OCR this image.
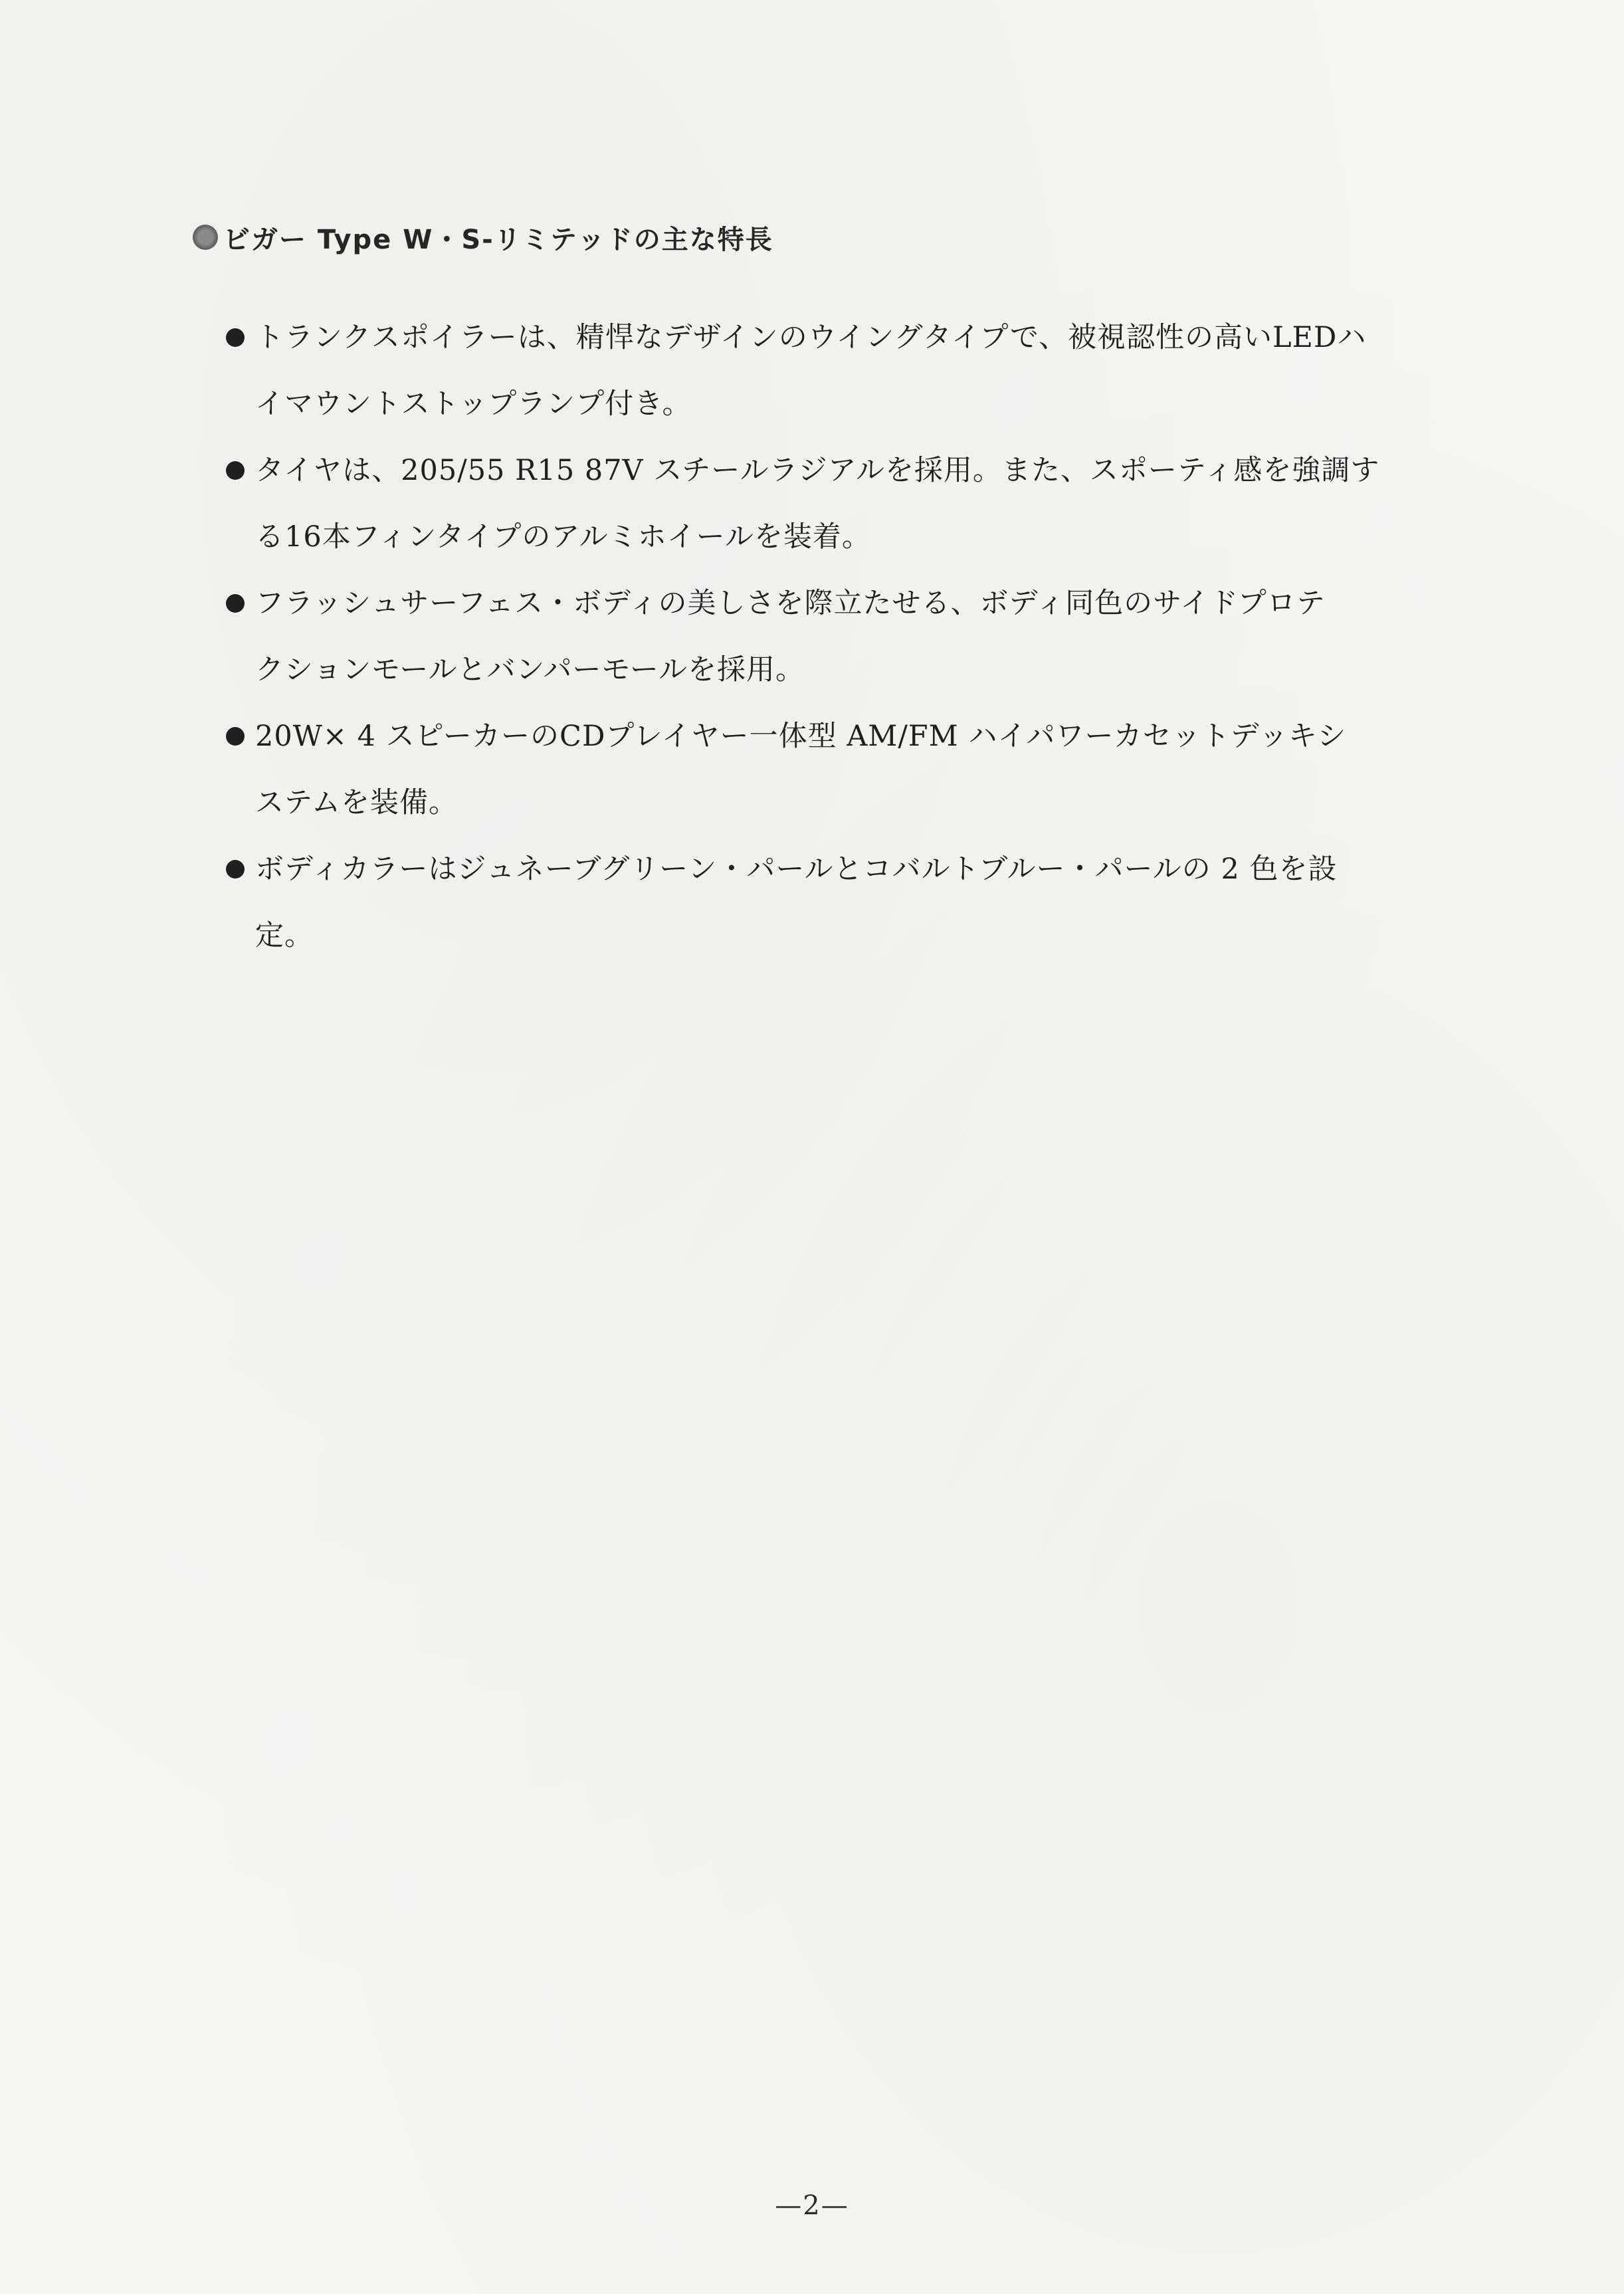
ビガー Type W・S-リミテッドの主な特長
トランクスポイラーは、精悍なデザインのウイングタイプで、被視認性の高いLEDハ
イマウントストップランプ付き。
タイヤは、205/55 R15 87V スチールラジアルを採用。また、スポーティ感を強調す
る16本フィンタイプのアルミホイールを装着。
フラッシュサーフェス・ボディの美しさを際立たせる、ボディ同色のサイドプロテ
クションモールとバンパーモールを採用。
20W× 4 スピーカーのCDプレイヤー一体型 AM/FM ハイパワーカセットデッキシ
ステムを装備。
ボディカラーはジュネーブグリーン・パールとコバルトブルー・パールの 2 色を設
定。
—2—
